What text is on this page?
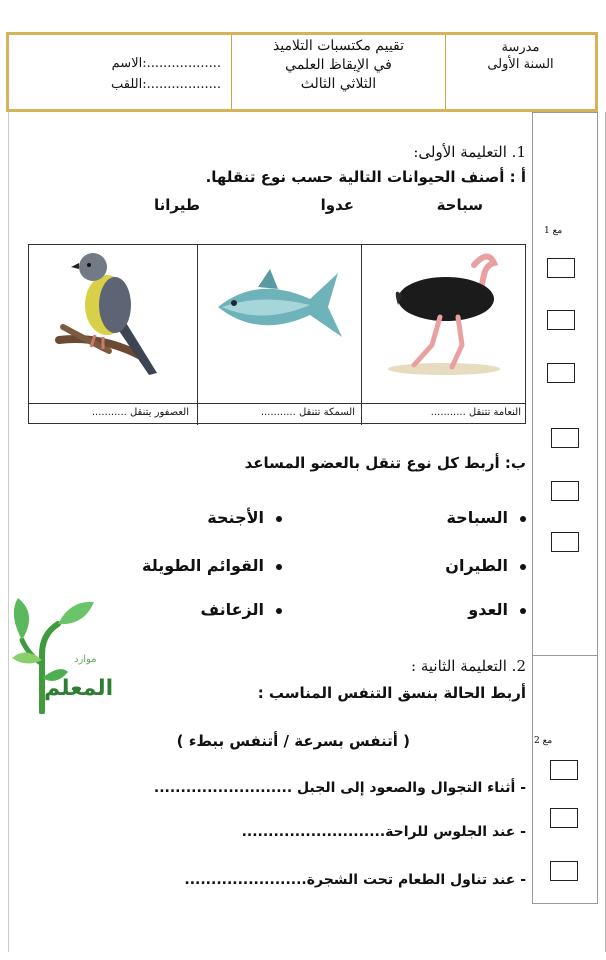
مدرسة
السنة الأولى
تقييم مكتسبات التلاميذ
في الإيقاظ العلمي
الثلاثي الثالث
الاسم:..................
اللقب:..................
مع 1
مع 2
1. التعليمة الأولى:
أ : أصنف الحيوانات التالية حسب نوع تنقلها.
سباحة
عدوا
طيرانا
النعامة تتنقل ...........
السمكة تتنقل ...........
العصفور يتنقل ...........
ب: أربط كل نوع تنقل بالعضو المساعد
السباحة
الطيران
العدو
الأجنحة
القوائم الطويلة
الزعانف
موارد
المعلم
2. التعليمة الثانية :
أربط الحالة بنسق التنفس المناسب :
( أتنفس بسرعة / أتنفس ببطء )
- أثناء التجوال والصعود إلى الجبل ..........................
- عند الجلوس للراحة...........................
- عند تناول الطعام تحت الشجرة.......................
